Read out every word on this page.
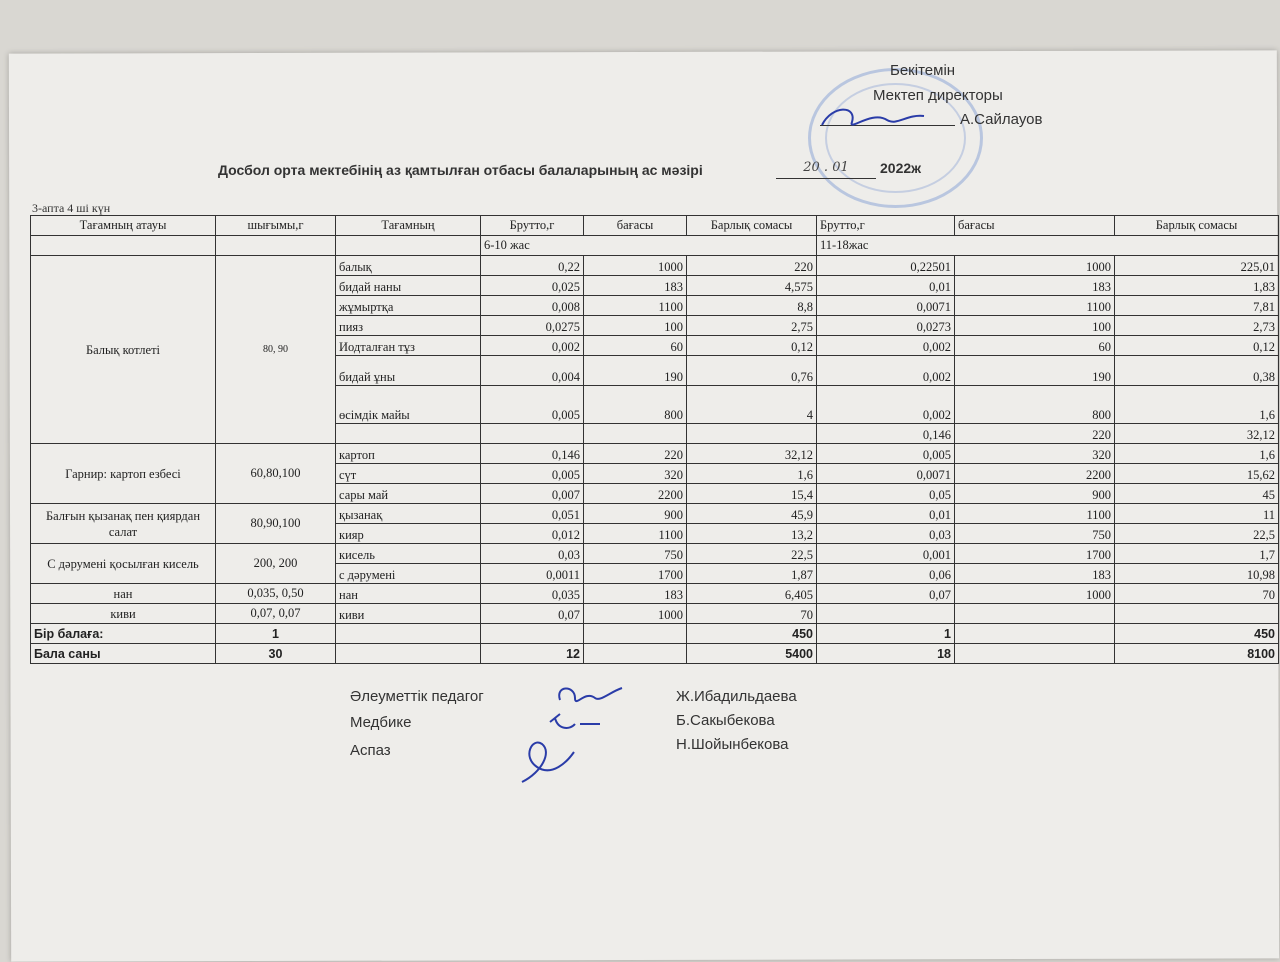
Бекітемін
Мектеп директоры
А.Сайлауов
Досбол орта мектебінің аз қамтылған отбасы балаларының ас мәзірі	20 . 01	2022ж
3-апта 4 ші күн
Тағамның атауы	шығымы,г	Тағамның	Брутто,г	бағасы	Барлық сомасы	Брутто,г	бағасы	Барлық сомасы
			6-10 жас			11-18жас		
Балық котлеті	80, 90	балық	0,22	1000	220	0,22501	1000	225,01
		бидай наны	0,025	183	4,575	0,01	183	1,83
		жұмыртқа	0,008	1100	8,8	0,0071	1100	7,81
		пияз	0,0275	100	2,75	0,0273	100	2,73
		Иодталған тұз	0,002	60	0,12	0,002	60	0,12
		бидай ұны	0,004	190	0,76	0,002	190	0,38
		өсімдік майы	0,005	800	4	0,002	800	1,6
						0,146	220	32,12
Гарнир: картоп езбесі	60,80,100	картоп	0,146	220	32,12	0,005	320	1,6
		сүт	0,005	320	1,6	0,0071	2200	15,62
		сары май	0,007	2200	15,4	0,05	900	45
Балғын қызанақ пен қиярдан салат	80,90,100	қызанақ	0,051	900	45,9	0,01	1100	11
		кияр	0,012	1100	13,2	0,03	750	22,5
С дәрумені қосылған кисель	200, 200	кисель	0,03	750	22,5	0,001	1700	1,7
		с дәрумені	0,0011	1700	1,87	0,06	183	10,98
нан	0,035, 0,50	нан	0,035	183	6,405	0,07	1000	70
киви	0,07, 0,07	киви	0,07	1000	70			
Бір балаға:	1				450	1		450
Бала саны	30		12		5400	18		8100
Әлеуметтік педагог	Ж.Ибадильдаева
Медбике	Б.Сакыбекова
Аспаз	Н.Шойынбекова
